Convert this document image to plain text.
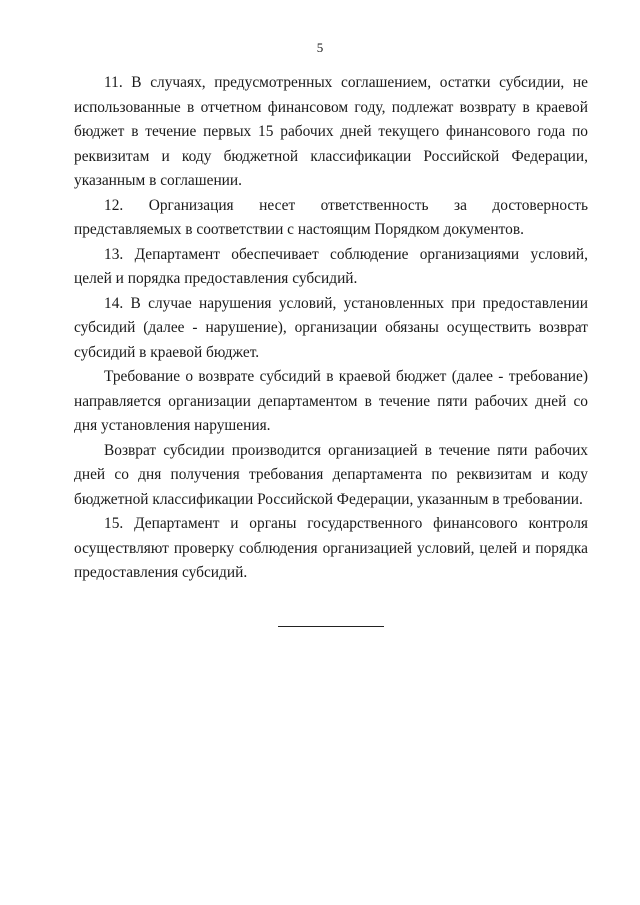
5

11. В случаях, предусмотренных соглашением, остатки субсидии, не использованные в отчетном финансовом году, подлежат возврату в краевой бюджет в течение первых 15 рабочих дней текущего финансового года по реквизитам и коду бюджетной классификации Российской Федерации, указанным в соглашении.

12. Организация несет ответственность за достоверность представляемых в соответствии с настоящим Порядком документов.

13. Департамент обеспечивает соблюдение организациями условий, целей и порядка предоставления субсидий.

14. В случае нарушения условий, установленных при предоставлении субсидий (далее - нарушение), организации обязаны осуществить возврат субсидий в краевой бюджет.

Требование о возврате субсидий в краевой бюджет (далее - требование) направляется организации департаментом в течение пяти рабочих дней со дня установления нарушения.

Возврат субсидии производится организацией в течение пяти рабочих дней со дня получения требования департамента по реквизитам и коду бюджетной классификации Российской Федерации, указанным в требовании.

15. Департамент и органы государственного финансового контроля осуществляют проверку соблюдения организацией условий, целей и порядка предоставления субсидий.
